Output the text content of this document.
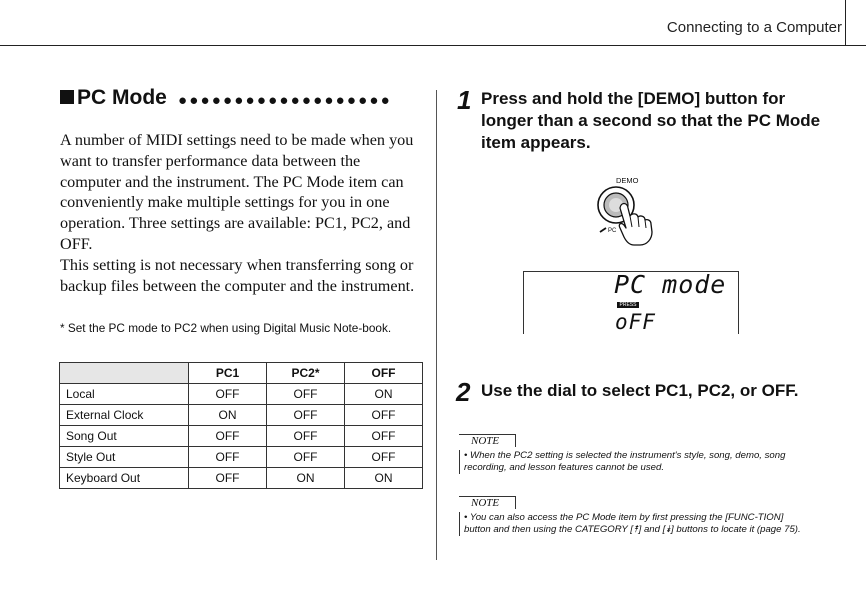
Connecting to a Computer
PC Mode ●●●●●●●●●●●●●●●●●●●

A number of MIDI settings need to be made when you want to transfer performance data between the computer and the instrument. The PC Mode item can conveniently make multiple settings for you in one operation. Three settings are available: PC1, PC2, and OFF.

This setting is not necessary when transferring song or backup files between the computer and the instrument.

* Set the PC mode to PC2 when using Digital Music Note-book.
	PC1	PC2*	OFF
Local	OFF	OFF	ON
External Clock	ON	OFF	OFF
Song Out	OFF	OFF	OFF
Style Out	OFF	OFF	OFF
Keyboard Out	OFF	ON	ON
1 Press and hold the [DEMO] button for longer than a second so that the PC Mode item appears.
DEMO
PC
PC mode
PRESS
oFF
2 Use the dial to select PC1, PC2, or OFF.
NOTE
• When the PC2 setting is selected the instrument's style, song, demo, song recording, and lesson features cannot be used.
NOTE
• You can also access the PC Mode item by first pressing the [FUNC-TION] button and then using the CATEGORY [⯭] and [⯯] buttons to locate it (page 75).
